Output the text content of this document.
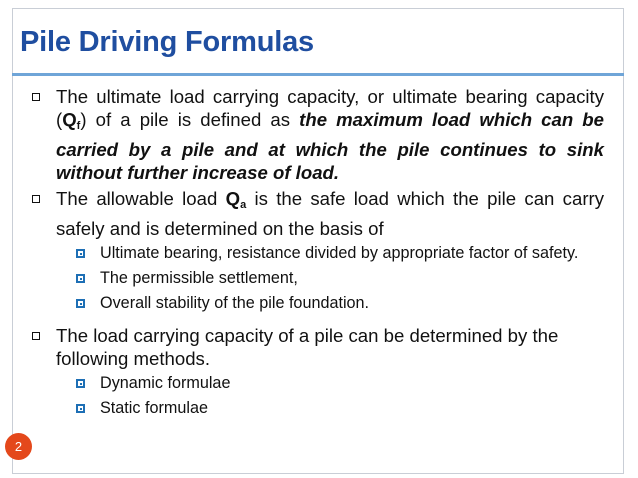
Pile Driving Formulas
The ultimate load carrying capacity, or ultimate bearing capacity $(Q_f)$ of a pile is defined as the maximum load which can be carried by a pile and at which the pile continues to sink without further increase of load.
The allowable load $Q_a$ is the safe load which the pile can carry safely and is determined on the basis of
Ultimate bearing, resistance divided by appropriate factor of safety.
The permissible settlement,
Overall stability of the pile foundation.
The load carrying capacity of a pile can be determined by the following methods.
Dynamic formulae
Static formulae
2
